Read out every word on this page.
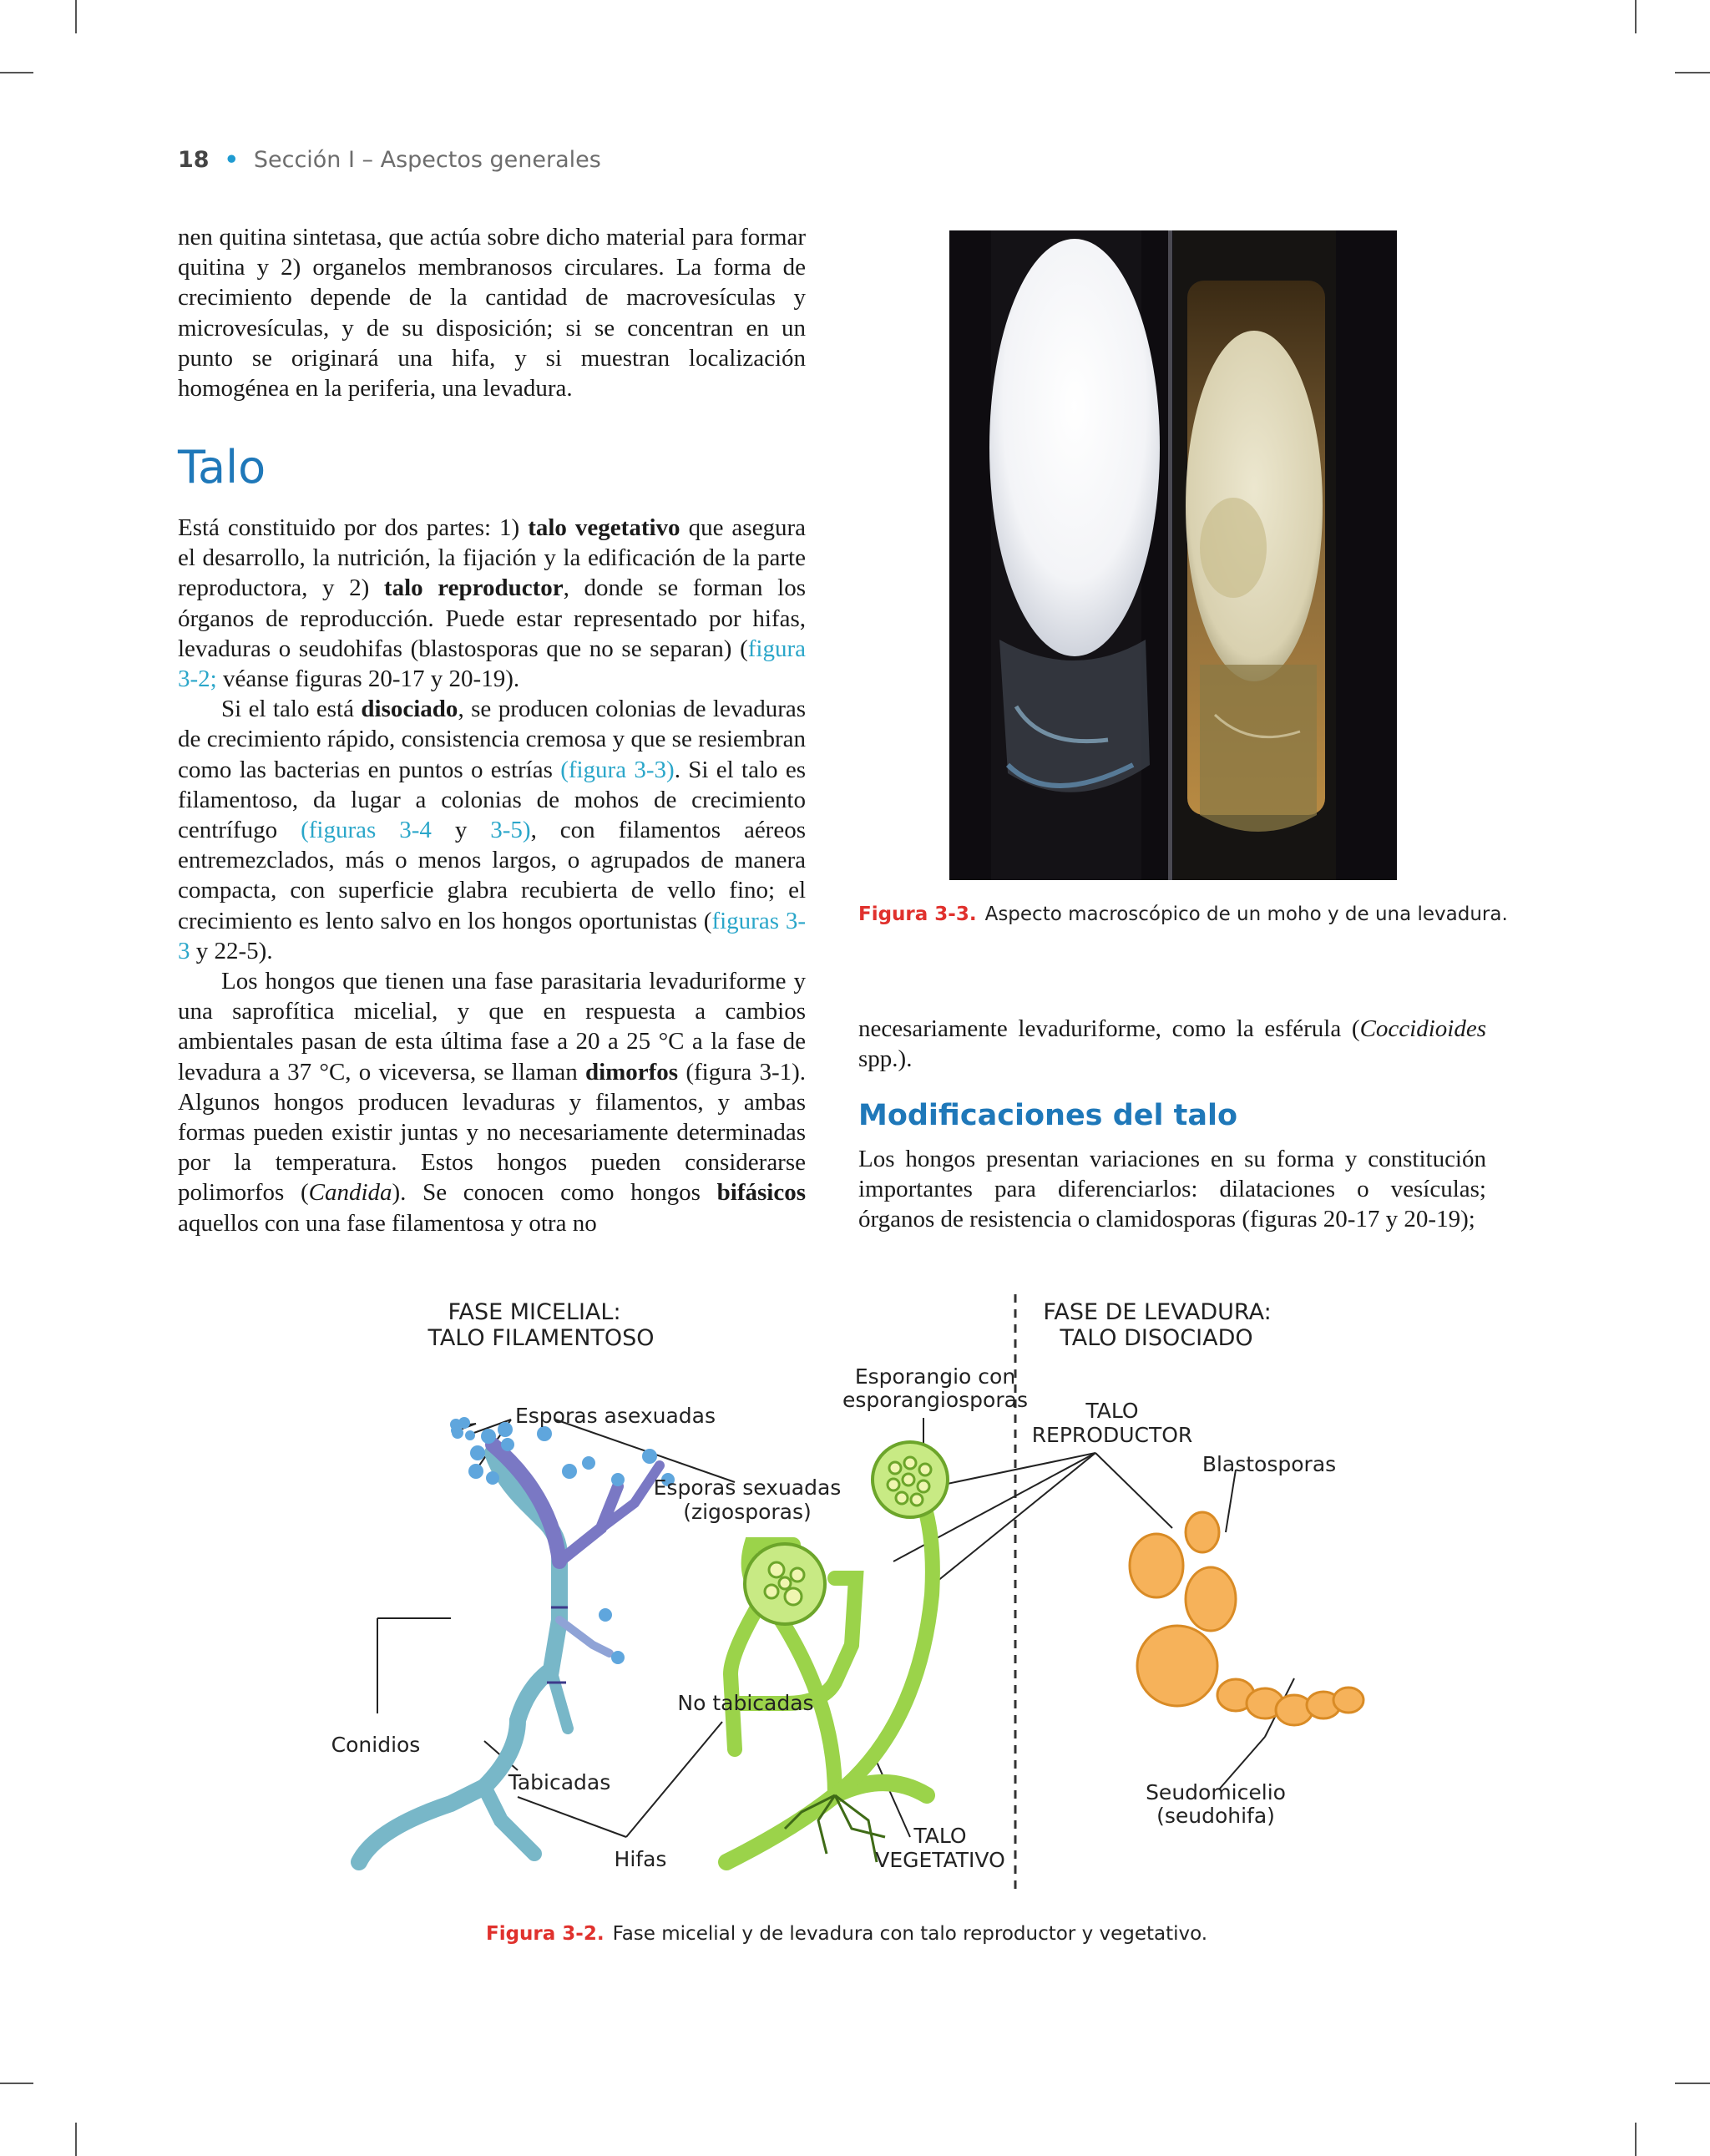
18 • Sección I – Aspectos generales

nen quitina sintetasa, que actúa sobre dicho material para formar quitina y 2) organelos membranosos circulares. La forma de crecimiento depende de la cantidad de macrovesículas y microvesículas, y de su disposición; si se concentran en un punto se originará una hifa, y si muestran localización homogénea en la periferia, una levadura.

Talo

Está constituido por dos partes: 1) talo vegetativo que asegura el desarrollo, la nutrición, la fijación y la edificación de la parte reproductora, y 2) talo reproductor, donde se forman los órganos de reproducción. Puede estar representado por hifas, levaduras o seudohifas (blastosporas que no se separan) (figura 3-2; véanse figuras 20-17 y 20-19).

Si el talo está disociado, se producen colonias de levaduras de crecimiento rápido, consistencia cremosa y que se resiembran como las bacterias en puntos o estrías (figura 3-3). Si el talo es filamentoso, da lugar a colonias de mohos de crecimiento centrífugo (figuras 3-4 y 3-5), con filamentos aéreos entremezclados, más o menos largos, o agrupados de manera compacta, con superficie glabra recubierta de vello fino; el crecimiento es lento salvo en los hongos oportunistas (figuras 3-3 y 22-5).

Los hongos que tienen una fase parasitaria levaduriforme y una saprofítica micelial, y que en respuesta a cambios ambientales pasan de esta última fase a 20 a 25 °C a la fase de levadura a 37 °C, o viceversa, se llaman dimorfos (figura 3-1). Algunos hongos producen levaduras y filamentos, y ambas formas pueden existir juntas y no necesariamente determinadas por la temperatura. Estos hongos pueden considerarse polimorfos (Candida). Se conocen como hongos bifásicos aquellos con una fase filamentosa y otra no

Figura 3-3. Aspecto macroscópico de un moho y de una levadura.

necesariamente levaduriforme, como la esférula (Coccidioides spp.).

Modificaciones del talo

Los hongos presentan variaciones en su forma y constitución importantes para diferenciarlos: dilataciones o vesículas; órganos de resistencia o clamidosporas (figuras 20-17 y 20-19);

FASE MICELIAL:
TALO FILAMENTOSO
FASE DE LEVADURA:
TALO DISOCIADO
Esporangio con
esporangiosporas
Esporas asexuadas	TALO
REPRODUCTOR
Esporas sexuadas
(zigosporas)
Blastosporas
No tabicadas
Conidios
Tabicadas	Seudomicelio
(seudohifa)
TALO
VEGETATIVO
Hifas
Figura 3-2. Fase micelial y de levadura con talo reproductor y vegetativo.
